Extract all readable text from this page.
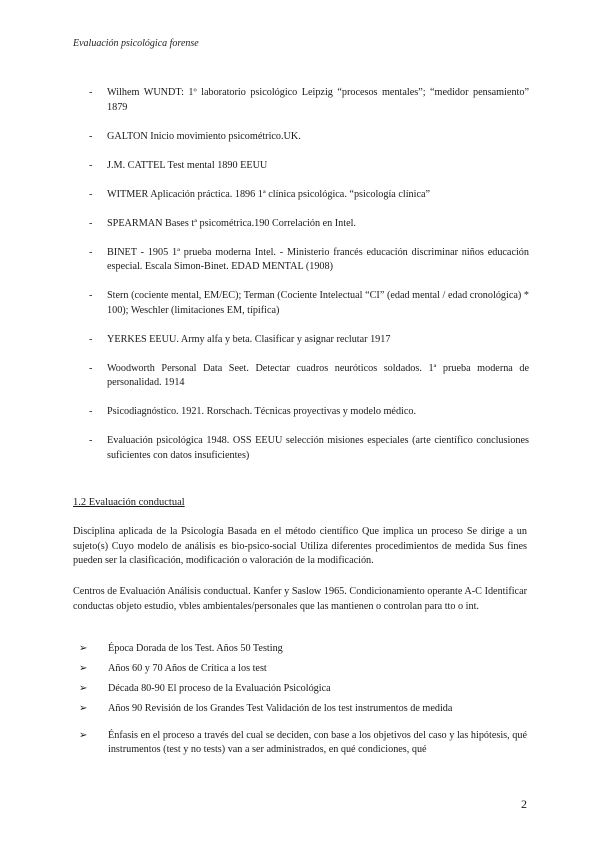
Evaluación psicológica forense
- Wilhem WUNDT: 1º laboratorio psicológico Leipzig “procesos mentales”; “medidor pensamiento” 1879
- GALTON Inicio movimiento psicométrico.UK.
- J.M. CATTEL Test mental 1890 EEUU
- WITMER Aplicación práctica. 1896 1ª clínica psicológica. “psicología clínica”
- SPEARMAN Bases tª psicométrica.190 Correlación en Intel.
- BINET - 1905 1ª prueba moderna Intel. - Ministerio francés educación discriminar niños educación especial. Escala Simon-Binet. EDAD MENTAL (1908)
- Stern (cociente mental, EM/EC); Terman (Cociente Intelectual “CI” (edad mental / edad cronológica) * 100); Weschler (limitaciones EM, típifica)
- YERKES EEUU. Army alfa y beta. Clasificar y asignar reclutar 1917
- Woodworth Personal Data Seet. Detectar cuadros neuróticos soldados. 1ª prueba moderna de personalidad. 1914
- Psicodiagnóstico. 1921. Rorschach. Técnicas proyectivas y modelo médico.
- Evaluación psicológica 1948. OSS EEUU selección misiones especiales (arte científico conclusiones suficientes con datos insuficientes)
1.2 Evaluación conductual

Disciplina aplicada de la Psicología Basada en el método científico Que implica un proceso Se dirige a un sujeto(s) Cuyo modelo de análisis es bio-psico-social Utiliza diferentes procedimientos de medida Sus fines pueden ser la clasificación, modificación o valoración de la modificación.

Centros de Evaluación Análisis conductual. Kanfer y Saslow 1965. Condicionamiento operante A-C Identificar conductas objeto estudio, vbles ambientales/personales que las mantienen o controlan para tto o int.

➢ Época Dorada de los Test. Años 50 Testing
➢ Años 60 y 70 Años de Crítica a los test
➢ Década 80-90 El proceso de la Evaluación Psicológica
➢ Años 90 Revisión de los Grandes Test Validación de los test instrumentos de medida
➢ Énfasis en el proceso a través del cual se deciden, con base a los objetivos del caso y las hipótesis, qué instrumentos (test y no tests) van a ser administrados, en qué condiciones, qué
2
